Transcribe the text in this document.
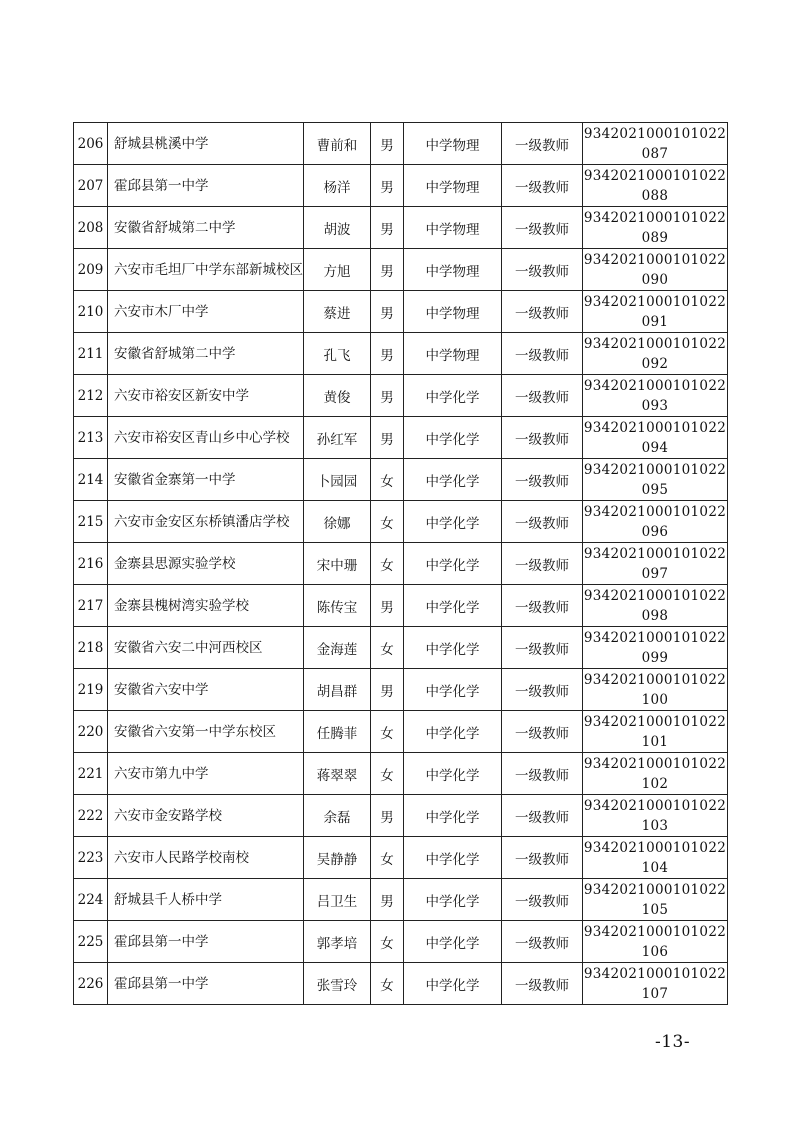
206	舒城县桃溪中学	曹前和	男	中学物理	一级教师	9342021000101022087
207	霍邱县第一中学	杨洋	男	中学物理	一级教师	9342021000101022088
208	安徽省舒城第二中学	胡波	男	中学物理	一级教师	9342021000101022089
209	六安市毛坦厂中学东部新城校区	方旭	男	中学物理	一级教师	9342021000101022090
210	六安市木厂中学	蔡进	男	中学物理	一级教师	9342021000101022091
211	安徽省舒城第二中学	孔飞	男	中学物理	一级教师	9342021000101022092
212	六安市裕安区新安中学	黄俊	男	中学化学	一级教师	9342021000101022093
213	六安市裕安区青山乡中心学校	孙红军	男	中学化学	一级教师	9342021000101022094
214	安徽省金寨第一中学	卜园园	女	中学化学	一级教师	9342021000101022095
215	六安市金安区东桥镇潘店学校	徐娜	女	中学化学	一级教师	9342021000101022096
216	金寨县思源实验学校	宋中珊	女	中学化学	一级教师	9342021000101022097
217	金寨县槐树湾实验学校	陈传宝	男	中学化学	一级教师	9342021000101022098
218	安徽省六安二中河西校区	金海莲	女	中学化学	一级教师	9342021000101022099
219	安徽省六安中学	胡昌群	男	中学化学	一级教师	9342021000101022100
220	安徽省六安第一中学东校区	任腾菲	女	中学化学	一级教师	9342021000101022101
221	六安市第九中学	蒋翠翠	女	中学化学	一级教师	9342021000101022102
222	六安市金安路学校	余磊	男	中学化学	一级教师	9342021000101022103
223	六安市人民路学校南校	吴静静	女	中学化学	一级教师	9342021000101022104
224	舒城县千人桥中学	吕卫生	男	中学化学	一级教师	9342021000101022105
225	霍邱县第一中学	郭孝培	女	中学化学	一级教师	9342021000101022106
226	霍邱县第一中学	张雪玲	女	中学化学	一级教师	9342021000101022107
-13-
